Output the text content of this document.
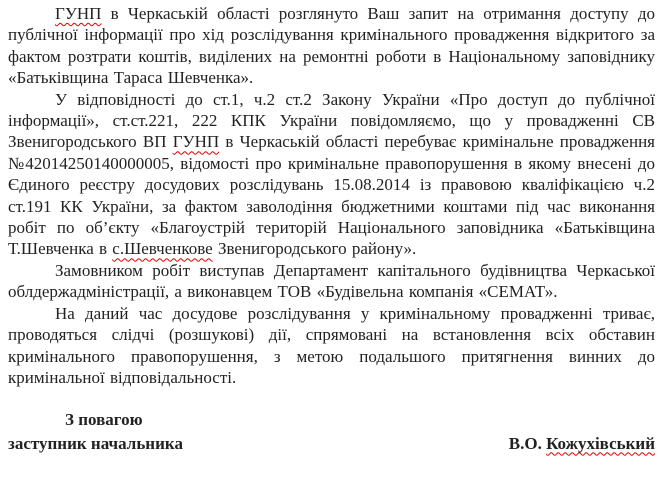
ГУНП в Черкаській області розглянуто Ваш запит на отримання доступу до публічної інформації про хід розслідування кримінального провадження відкритого за фактом розтрати коштів, виділених на ремонтні роботи в Національному заповіднику «Батьківщина Тараса Шевченка».

У відповідності до ст.1, ч.2 ст.2 Закону України «Про доступ до публічної інформації», ст.ст.221, 222 КПК України повідомляємо, що у провадженні СВ Звенигородського ВП ГУНП в Черкаській області перебуває кримінальне провадження №42014250140000005, відомості про кримінальне правопорушення в якому внесені до Єдиного реєстру досудових розслідувань 15.08.2014 із правовою кваліфікацією ч.2 ст.191 КК України, за фактом заволодіння бюджетними коштами під час виконання робіт по об’єкту «Благоустрій територій Національного заповідника «Батьківщина Т.Шевченка в с.Шевченкове Звенигородського району».

Замовником робіт виступав Департамент капітального будівництва Черкаської облдержадміністрації, а виконавцем ТОВ «Будівельна компанія «СЕМАТ».

На даний час досудове розслідування у кримінальному провадженні триває, проводяться слідчі (розшукові) дії, спрямовані на встановлення всіх обставин кримінального правопорушення, з метою подальшого притягнення винних до кримінальної відповідальності.

З повагою

заступник начальника	В.О. Кожухівський
